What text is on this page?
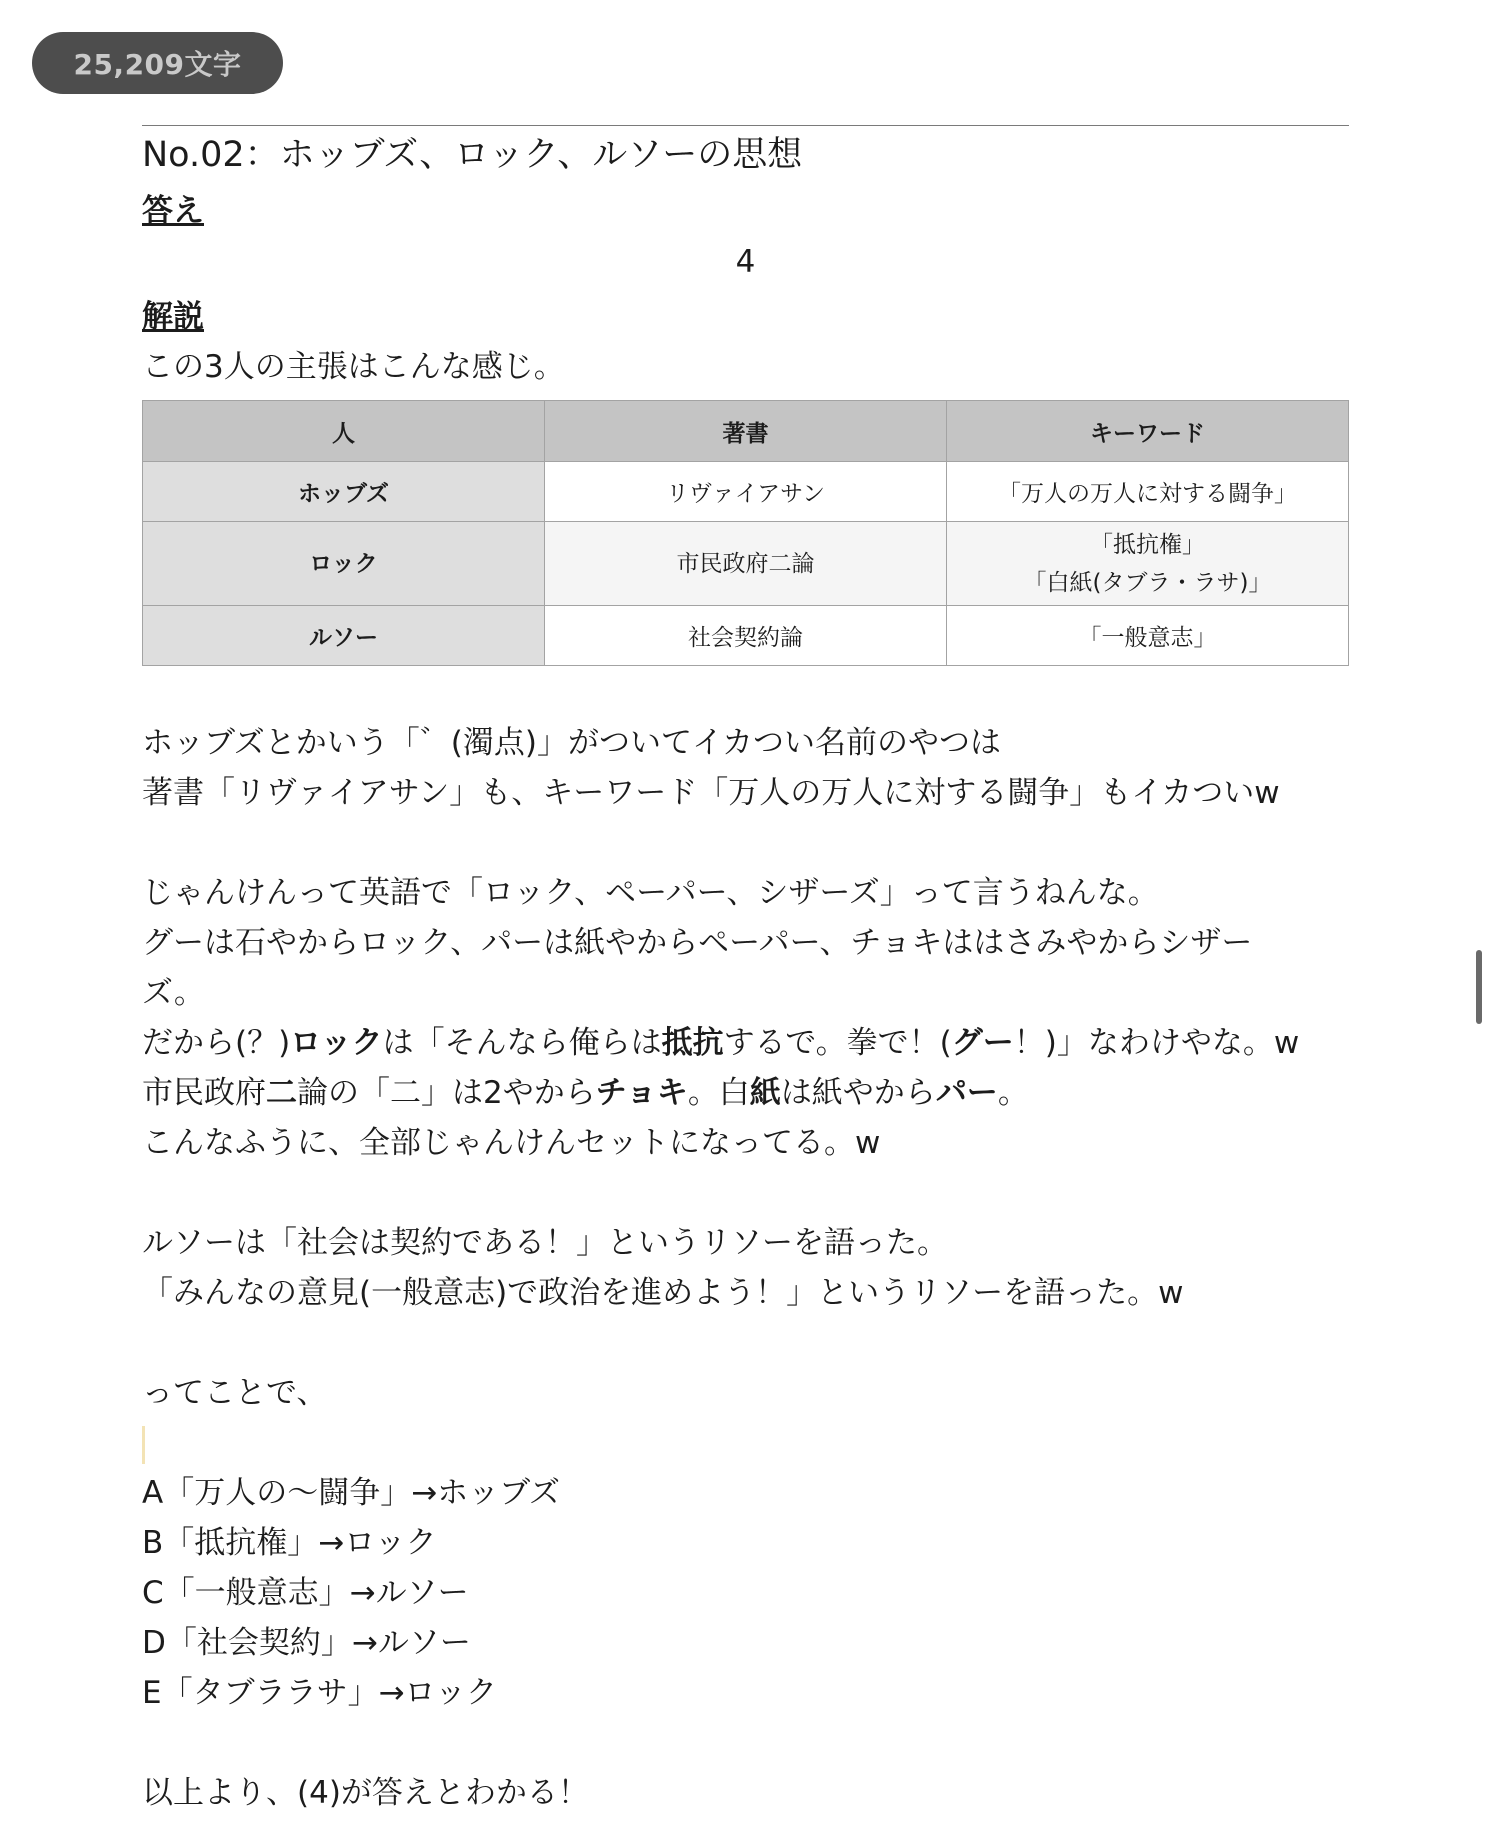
25,209文字
No.02：ホッブズ、ロック、ルソーの思想
答え
4
解説
この3人の主張はこんな感じ。
人	著書	キーワード
ホッブズ	リヴァイアサン	「万人の万人に対する闘争」

ロック	市民政府二論	「抵抗権」
「白紙(タブラ・ラサ)」

ルソー	社会契約論	「一般意志」
ホッブズとかいう「゛(濁点)」がついてイカつい名前のやつは
著書「リヴァイアサン」も、キーワード「万人の万人に対する闘争」もイカついw
じゃんけんって英語で「ロック、ペーパー、シザーズ」って言うねんな。
グーは石やからロック、パーは紙やからペーパー、チョキははさみやからシザー
ズ。
だから(？)ロックは「そんなら俺らは抵抗するで。拳で！(グー！)」なわけやな。w
市民政府二論の「二」は2やからチョキ。白紙は紙やからパー。
こんなふうに、全部じゃんけんセットになってる。w
ルソーは「社会は契約である！」というリソーを語った。
「みんなの意見(一般意志)で政治を進めよう！」というリソーを語った。w
ってことで、
A「万人の〜闘争」→ホッブズ
B「抵抗権」→ロック
C「一般意志」→ルソー
D「社会契約」→ルソー
E「タブララサ」→ロック
以上より、(4)が答えとわかる！
